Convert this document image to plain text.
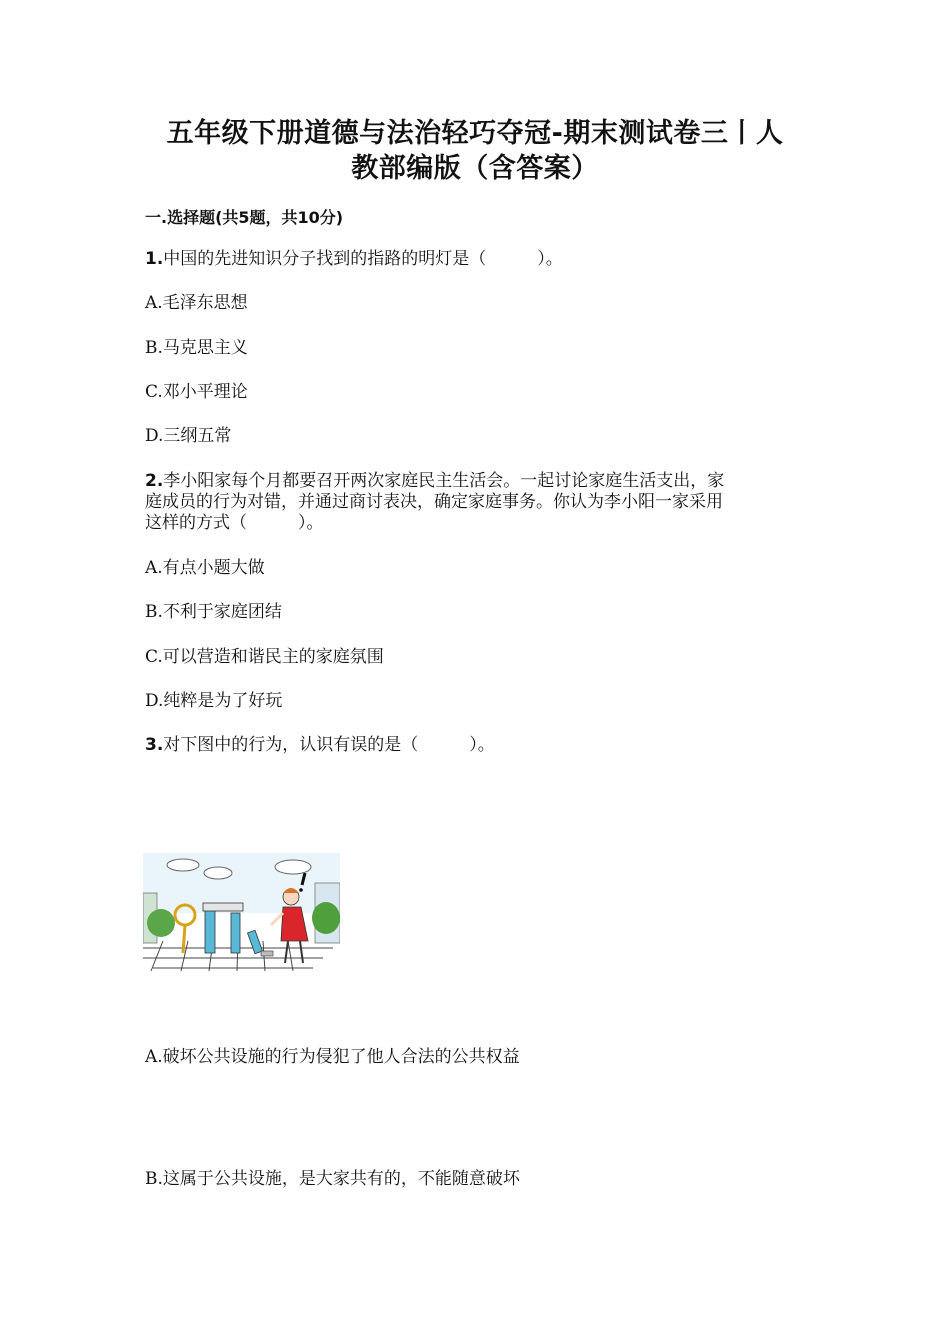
五年级下册道德与法治轻巧夺冠-期末测试卷三丨人
教部编版（含答案）
一.选择题(共5题，共10分)
1.中国的先进知识分子找到的指路的明灯是（　　　）。
A.毛泽东思想
B.马克思主义
C.邓小平理论
D.三纲五常
2.李小阳家每个月都要召开两次家庭民主生活会。一起讨论家庭生活支出，家
庭成员的行为对错，并通过商讨表决，确定家庭事务。你认为李小阳一家采用
这样的方式（　　　）。
A.有点小题大做
B.不利于家庭团结
C.可以营造和谐民主的家庭氛围
D.纯粹是为了好玩
3.对下图中的行为，认识有误的是（　　　）。
A.破坏公共设施的行为侵犯了他人合法的公共权益
B.这属于公共设施，是大家共有的，不能随意破坏
